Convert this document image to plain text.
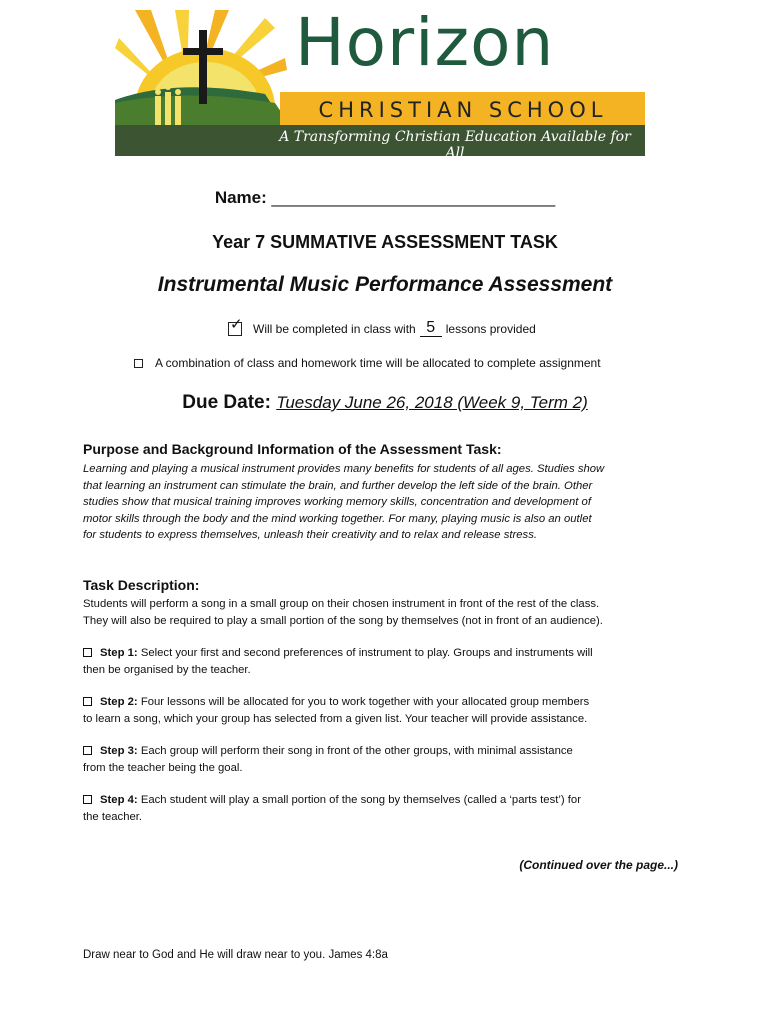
Horizon
CHRISTIAN SCHOOL
A Transforming Christian Education Available for All
Name: ______________________________
Year 7 SUMMATIVE ASSESSMENT TASK
Instrumental Music Performance Assessment
✓ Will be completed in class with 5 lessons provided
A combination of class and homework time will be allocated to complete assignment
Due Date: Tuesday June 26, 2018 (Week 9, Term 2)
Purpose and Background Information of the Assessment Task:
Learning and playing a musical instrument provides many benefits for students of all ages. Studies show
that learning an instrument can stimulate the brain, and further develop the left side of the brain. Other
studies show that musical training improves working memory skills, concentration and development of
motor skills through the body and the mind working together. For many, playing music is also an outlet
for students to express themselves, unleash their creativity and to relax and release stress.
Task Description:
Students will perform a song in a small group on their chosen instrument in front of the rest of the class.
They will also be required to play a small portion of the song by themselves (not in front of an audience).
Step 1: Select your first and second preferences of instrument to play. Groups and instruments will
then be organised by the teacher.
Step 2: Four lessons will be allocated for you to work together with your allocated group members
to learn a song, which your group has selected from a given list. Your teacher will provide assistance.
Step 3: Each group will perform their song in front of the other groups, with minimal assistance
from the teacher being the goal.
Step 4: Each student will play a small portion of the song by themselves (called a ‘parts test’) for
the teacher.
(Continued over the page...)
Draw near to God and He will draw near to you. James 4:8a
